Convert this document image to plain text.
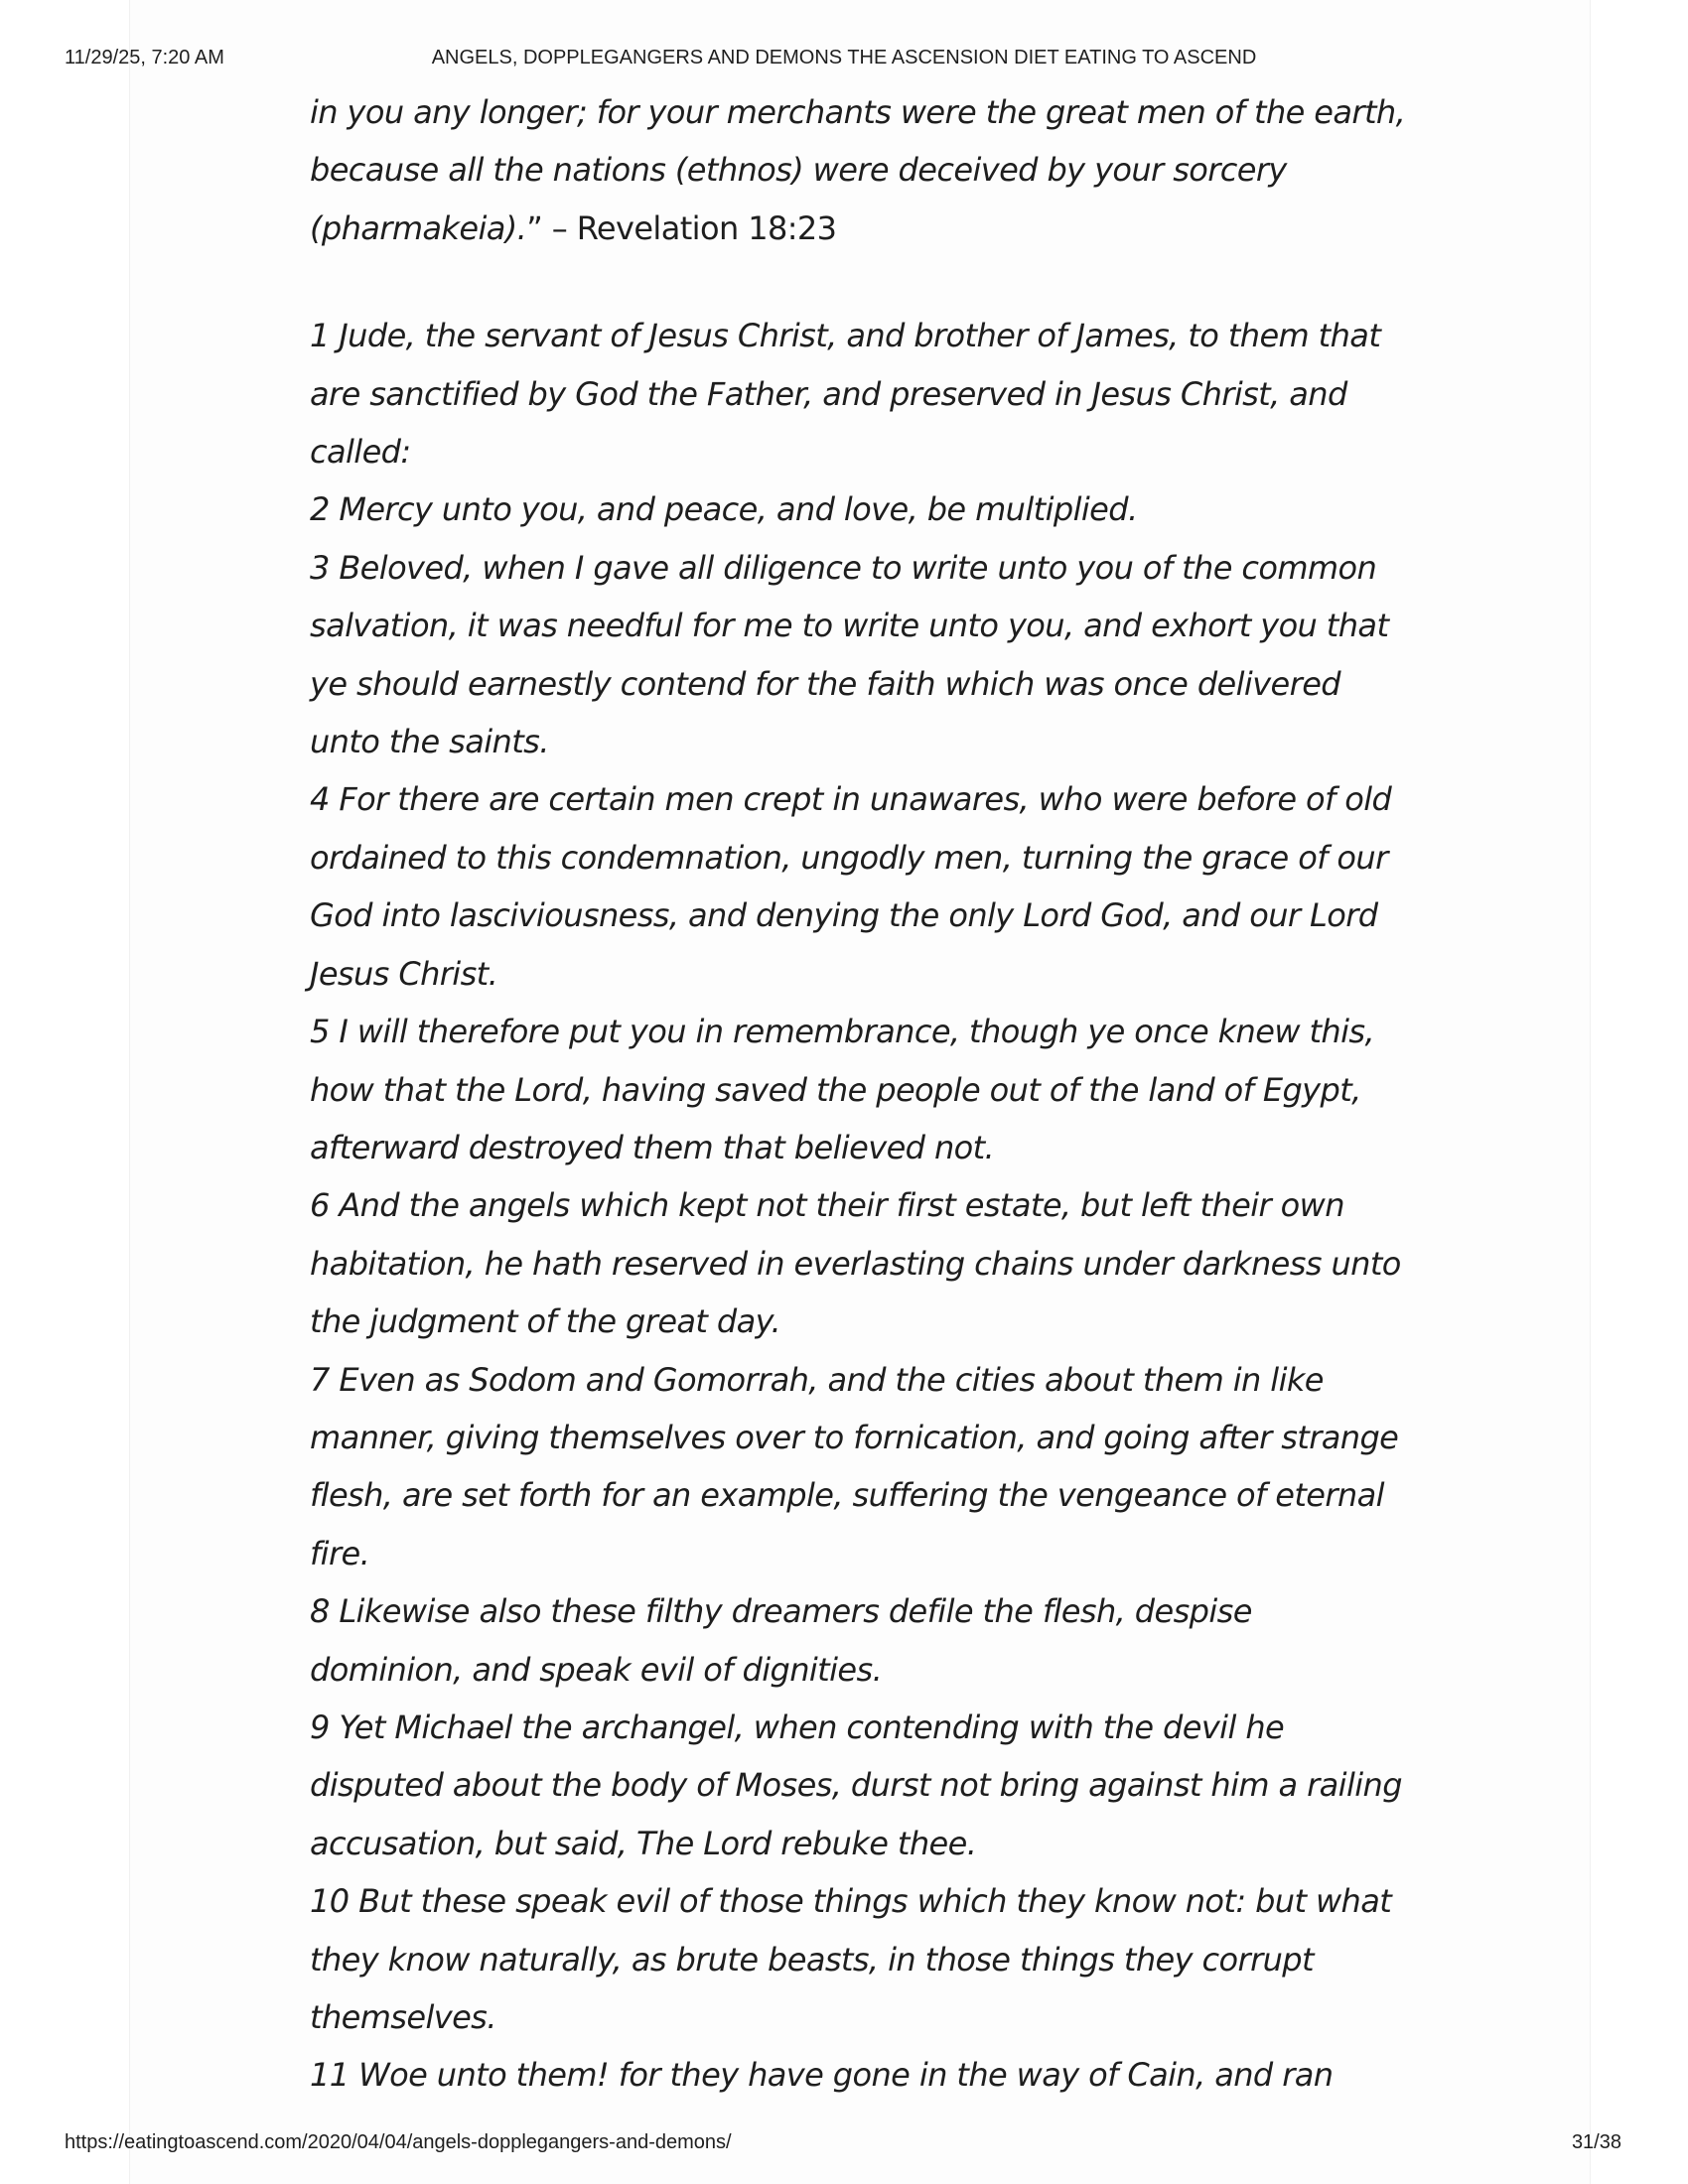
ANGELS, DOPPLEGANGERS AND DEMONS THE ASCENSION DIET EATING TO ASCEND
11/29/25, 7:20 AM

in you any longer; for your merchants were the great men of the earth,
because all the nations (ethnos) were deceived by your sorcery
(pharmakeia).” – Revelation 18:23

1 Jude, the servant of Jesus Christ, and brother of James, to them that
are sanctified by God the Father, and preserved in Jesus Christ, and
called:
2 Mercy unto you, and peace, and love, be multiplied.
3 Beloved, when I gave all diligence to write unto you of the common
salvation, it was needful for me to write unto you, and exhort you that
ye should earnestly contend for the faith which was once delivered
unto the saints.
4 For there are certain men crept in unawares, who were before of old
ordained to this condemnation, ungodly men, turning the grace of our
God into lasciviousness, and denying the only Lord God, and our Lord
Jesus Christ.
5 I will therefore put you in remembrance, though ye once knew this,
how that the Lord, having saved the people out of the land of Egypt,
afterward destroyed them that believed not.
6 And the angels which kept not their first estate, but left their own
habitation, he hath reserved in everlasting chains under darkness unto
the judgment of the great day.
7 Even as Sodom and Gomorrah, and the cities about them in like
manner, giving themselves over to fornication, and going after strange
flesh, are set forth for an example, suffering the vengeance of eternal
fire.
8 Likewise also these filthy dreamers defile the flesh, despise
dominion, and speak evil of dignities.
9 Yet Michael the archangel, when contending with the devil he
disputed about the body of Moses, durst not bring against him a railing
accusation, but said, The Lord rebuke thee.
10 But these speak evil of those things which they know not: but what
they know naturally, as brute beasts, in those things they corrupt
themselves.
11 Woe unto them! for they have gone in the way of Cain, and ran

https://eatingtoascend.com/2020/04/04/angels-dopplegangers-and-demons/	31/38
